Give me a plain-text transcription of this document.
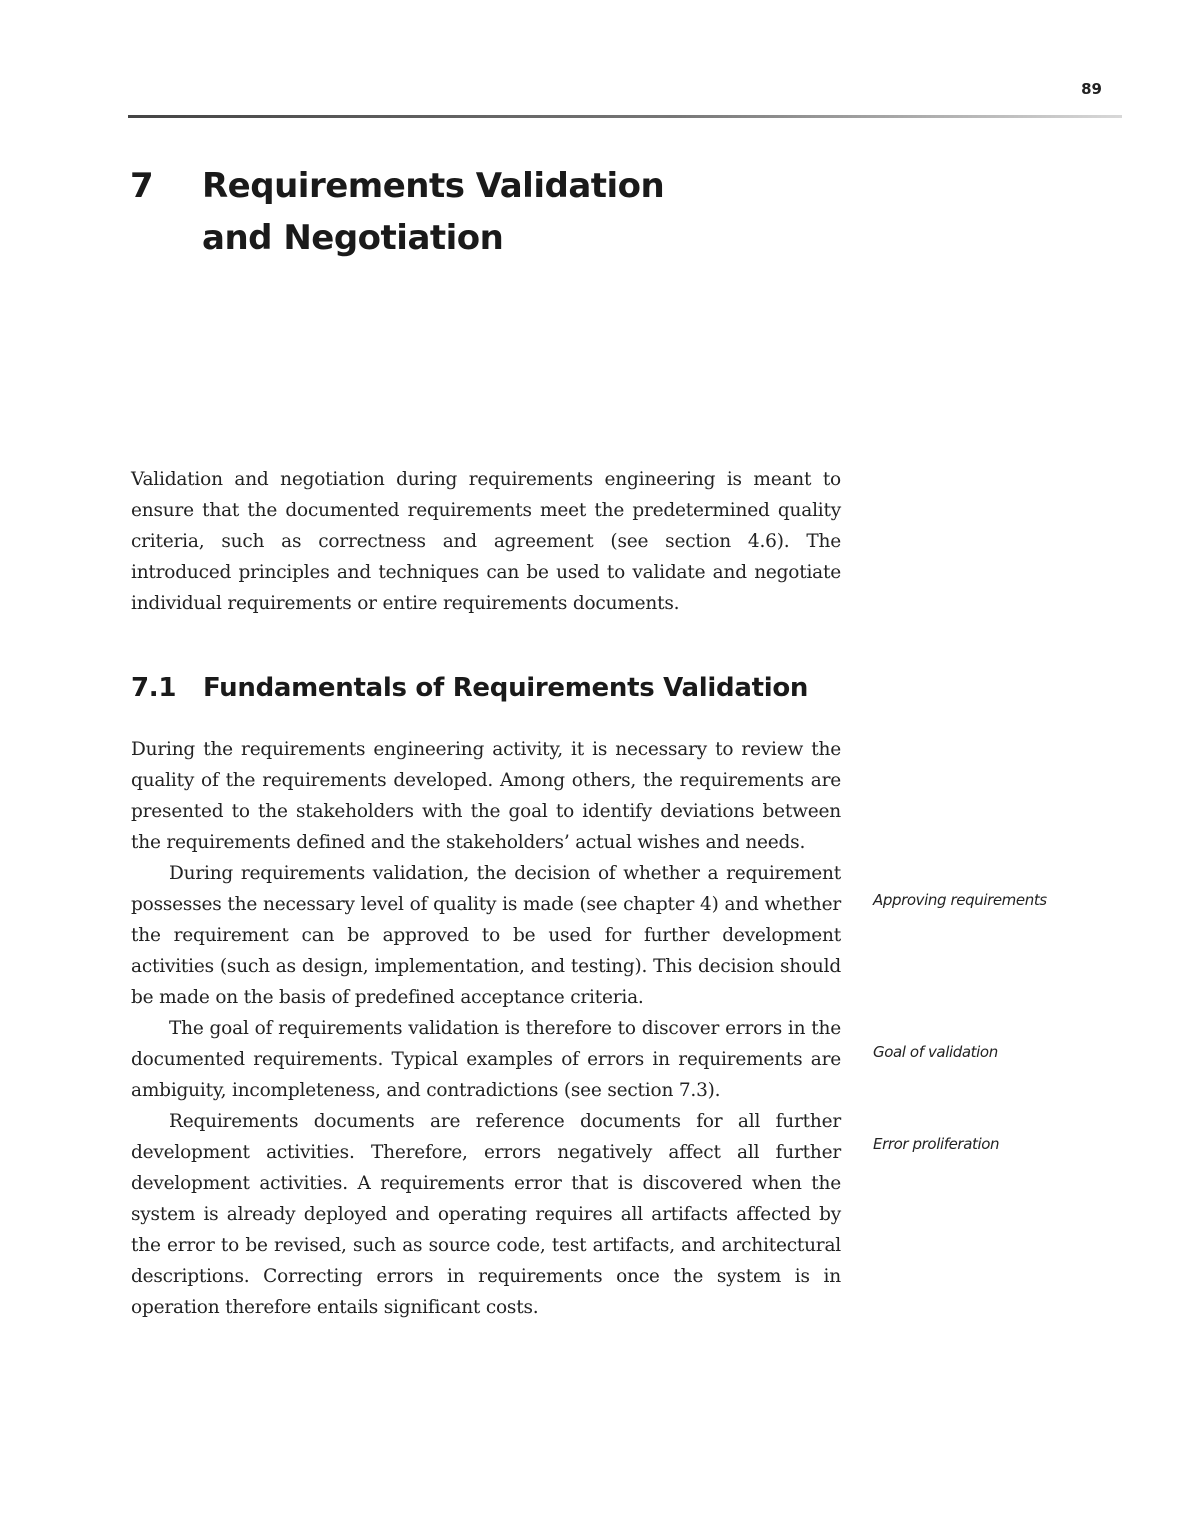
89
7 Requirements Validation
and Negotiation

Validation and negotiation during requirements engineering is meant to ensure that the documented requirements meet the predetermined quality criteria, such as correctness and agreement (see section 4.6). The introduced principles and techniques can be used to validate and negotiate individual requirements or entire requirements documents.

7.1 Fundamentals of Requirements Validation

During the requirements engineering activity, it is necessary to review the quality of the requirements developed. Among others, the requirements are presented to the stakeholders with the goal to identify deviations between the requirements defined and the stakeholders’ actual wishes and needs.

During requirements validation, the decision of whether a requirement possesses the necessary level of quality is made (see chapter 4) and whether the requirement can be approved to be used for further development activities (such as design, implementation, and testing). This decision should be made on the basis of predefined acceptance criteria.

The goal of requirements validation is therefore to discover errors in the documented requirements. Typical examples of errors in requirements are ambiguity, incompleteness, and contradictions (see section 7.3).

Requirements documents are reference documents for all further development activities. Therefore, errors negatively affect all further development activities. A requirements error that is discovered when the system is already deployed and operating requires all artifacts affected by the error to be revised, such as source code, test artifacts, and architectural descriptions. Correcting errors in requirements once the system is in operation therefore entails significant costs.

Approving requirements
Goal of validation
Error proliferation
